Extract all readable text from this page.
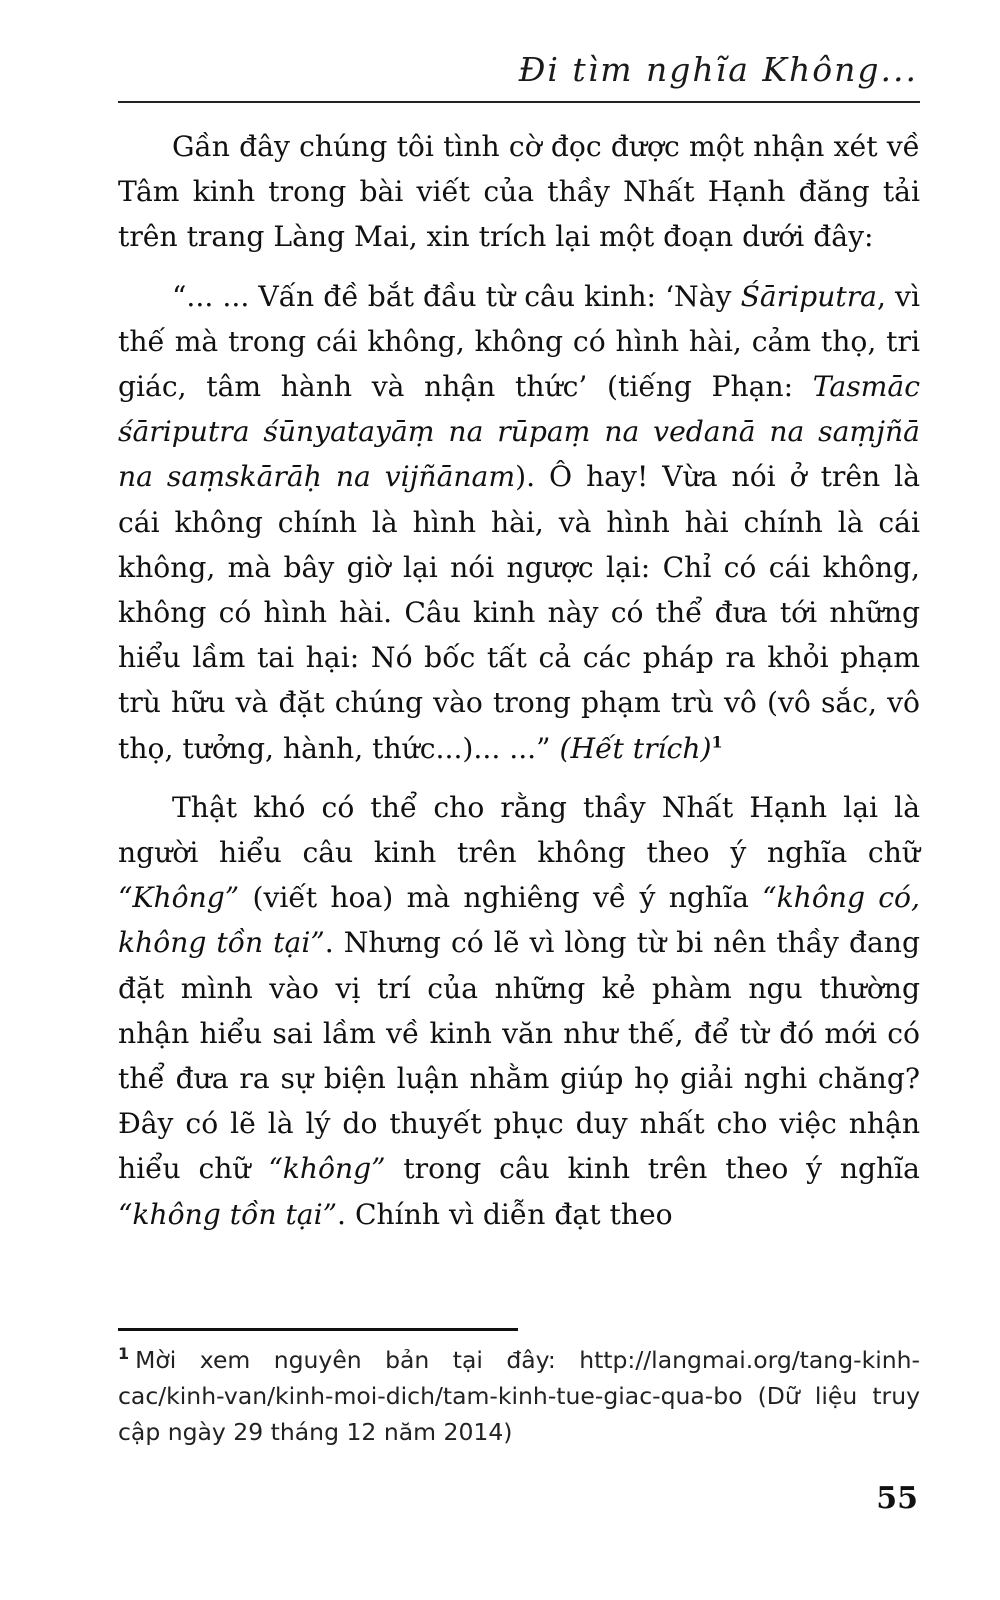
Đi tìm nghĩa Không...

Gần đây chúng tôi tình cờ đọc được một nhận xét về Tâm kinh trong bài viết của thầy Nhất Hạnh đăng tải trên trang Làng Mai, xin trích lại một đoạn dưới đây:

“... ... Vấn đề bắt đầu từ câu kinh: ‘Này Śāriputra, vì thế mà trong cái không, không có hình hài, cảm thọ, tri giác, tâm hành và nhận thức’ (tiếng Phạn: Tasmāc śāriputra śūnyatayāṃ na rūpaṃ na vedanā na saṃjñā na saṃskārāḥ na vijñānam). Ô hay! Vừa nói ở trên là cái không chính là hình hài, và hình hài chính là cái không, mà bây giờ lại nói ngược lại: Chỉ có cái không, không có hình hài. Câu kinh này có thể đưa tới những hiểu lầm tai hại: Nó bốc tất cả các pháp ra khỏi phạm trù hữu và đặt chúng vào trong phạm trù vô (vô sắc, vô thọ, tưởng, hành, thức...)... ...” (Hết trích)$^1$

Thật khó có thể cho rằng thầy Nhất Hạnh lại là người hiểu câu kinh trên không theo ý nghĩa chữ “Không” (viết hoa) mà nghiêng về ý nghĩa “không có, không tồn tại”. Nhưng có lẽ vì lòng từ bi nên thầy đang đặt mình vào vị trí của những kẻ phàm ngu thường nhận hiểu sai lầm về kinh văn như thế, để từ đó mới có thể đưa ra sự biện luận nhằm giúp họ giải nghi chăng? Đây có lẽ là lý do thuyết phục duy nhất cho việc nhận hiểu chữ “không” trong câu kinh trên theo ý nghĩa “không tồn tại”. Chính vì diễn đạt theo

$^1$ Mời xem nguyên bản tại đây: http://langmai.org/tang-kinh-cac/kinh-van/kinh-moi-dich/tam-kinh-tue-giac-qua-bo (Dữ liệu truy cập ngày 29 tháng 12 năm 2014)
55
